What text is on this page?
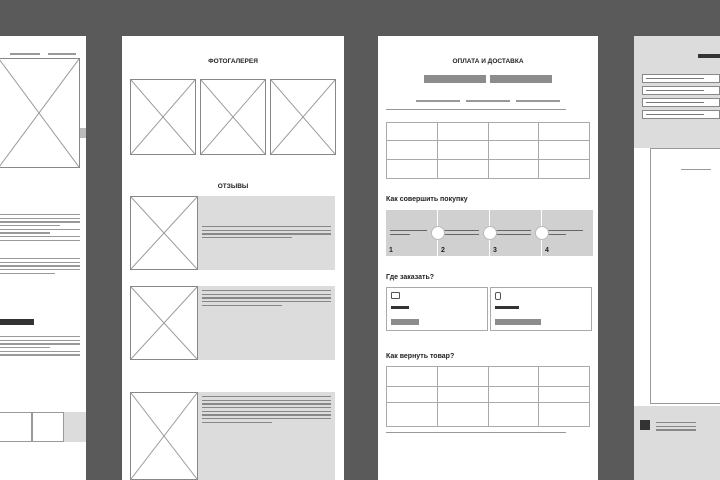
ФОТОГАЛЕРЕЯ
ОТЗЫВЫ
ОПЛАТА И ДОСТАВКА

Как совершить покупку
1	2	3	4
Где заказать?
Как вернуть товар?
